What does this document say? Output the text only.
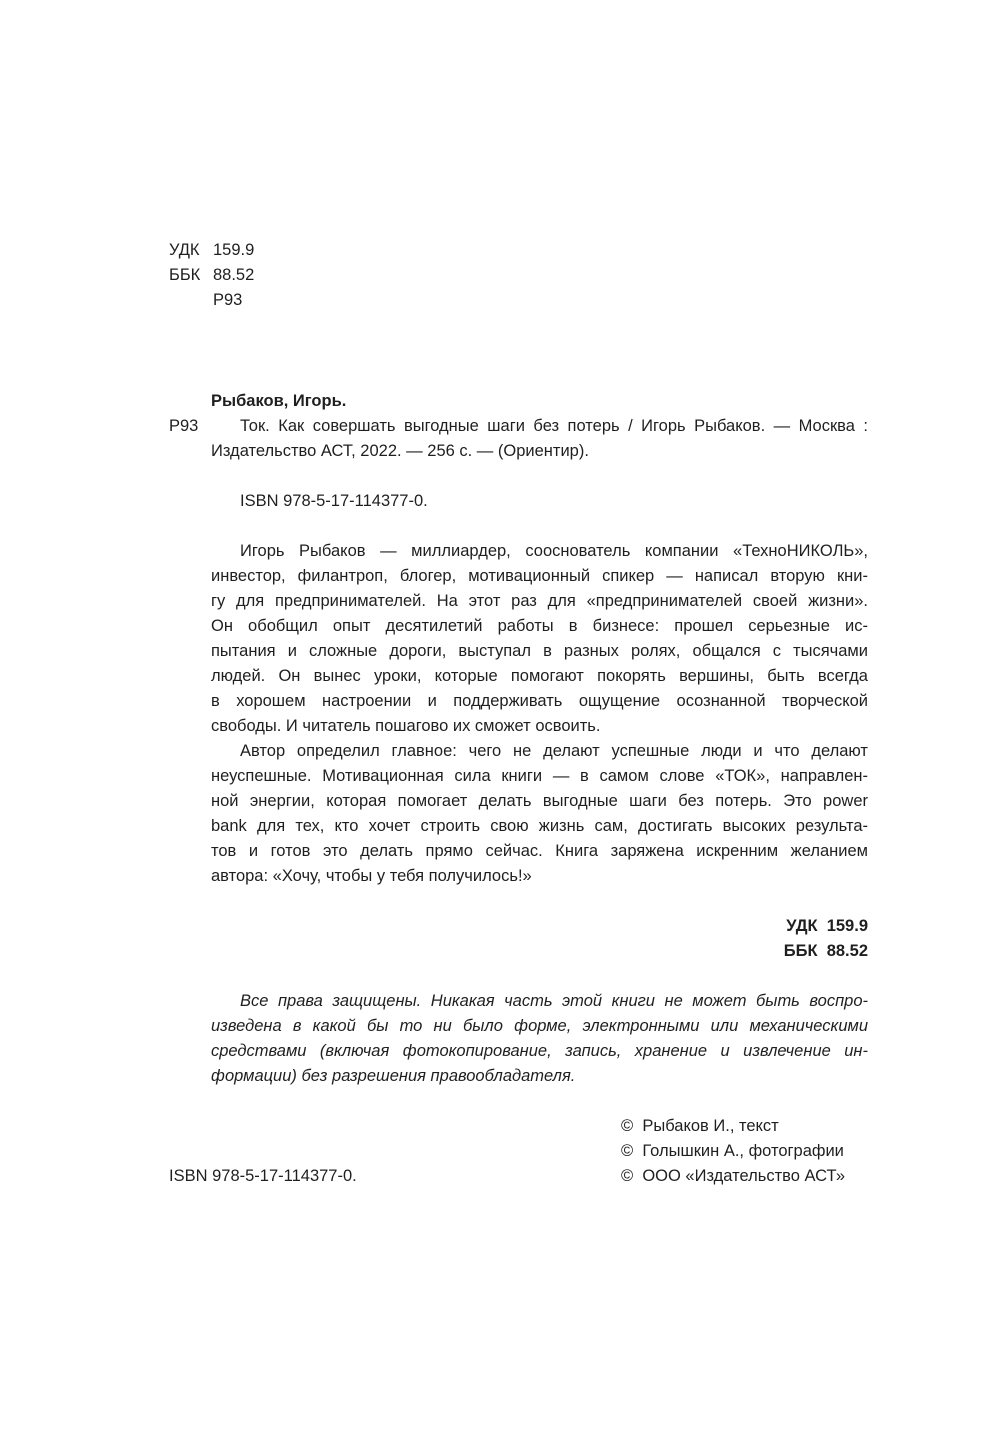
УДК 159.9
ББК 88.52
Р93
Рыбаков, Игорь.
Р93	Ток. Как совершать выгодные шаги без потерь / Игорь Рыбаков. — Москва :
Издательство АСТ, 2022. — 256 с. — (Ориентир).
ISBN 978-5-17-114377-0.
Игорь Рыбаков — миллиардер, сооснователь компании «ТехноНИКОЛЬ»,
инвестор, филантроп, блогер, мотивационный спикер — написал вторую кни-
гу для предпринимателей. На этот раз для «предпринимателей своей жизни».
Он обобщил опыт десятилетий работы в бизнесе: прошел серьезные ис-
пытания и сложные дороги, выступал в разных ролях, общался с тысячами
людей. Он вынес уроки, которые помогают покорять вершины, быть всегда
в хорошем настроении и поддерживать ощущение осознанной творческой
свободы. И читатель пошагово их сможет освоить.
Автор определил главное: чего не делают успешные люди и что делают
неуспешные. Мотивационная сила книги — в самом слове «ТОК», направлен-
ной энергии, которая помогает делать выгодные шаги без потерь. Это power
bank для тех, кто хочет строить свою жизнь сам, достигать высоких результа-
тов и готов это делать прямо сейчас. Книга заряжена искренним желанием
автора: «Хочу, чтобы у тебя получилось!»
УДК  159.9
ББК  88.52
Все права защищены. Никакая часть этой книги не может быть воспро-
изведена в какой бы то ни было форме, электронными или механическими
средствами (включая фотокопирование, запись, хранение и извлечение ин-
формации) без разрешения правообладателя.
©  Рыбаков И., текст
©  Голышкин А., фотографии
©  ООО «Издательство АСТ»
ISBN 978-5-17-114377-0.
